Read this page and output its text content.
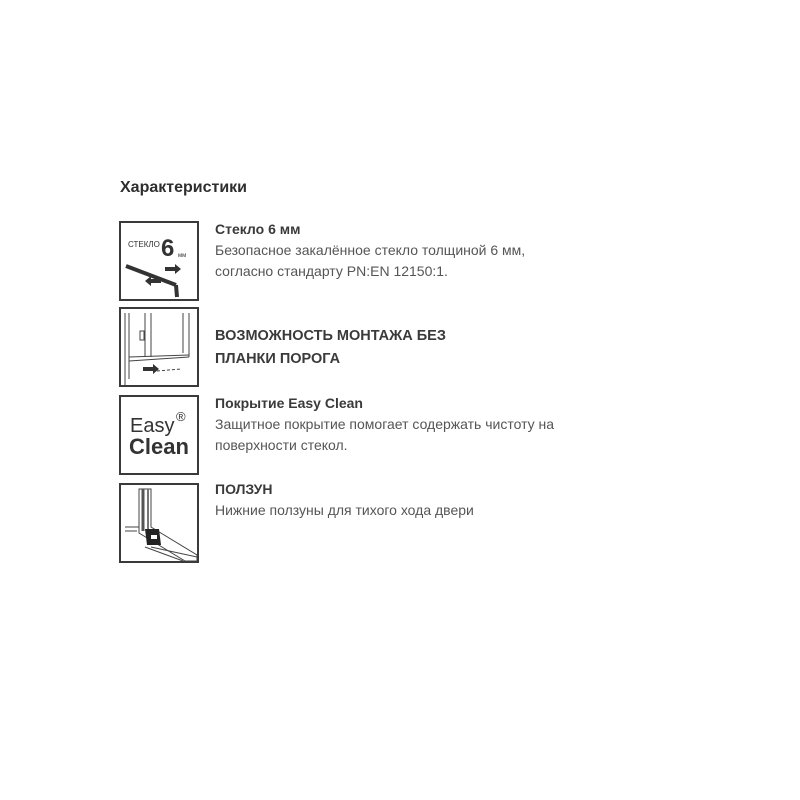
Характеристики
СТЕКЛО 6 мм

Стекло 6 мм

Безопасное закалённое стекло толщиной 6 мм,

согласно стандарту PN:EN 12150:1.

ВОЗМОЖНОСТЬ МОНТАЖА БЕЗ

ПЛАНКИ ПОРОГА

Easy ®
Clean

Покрытие Easy Clean

Защитное покрытие помогает содержать чистоту на

поверхности стекол.

ПОЛЗУН

Нижние ползуны для тихого хода двери
